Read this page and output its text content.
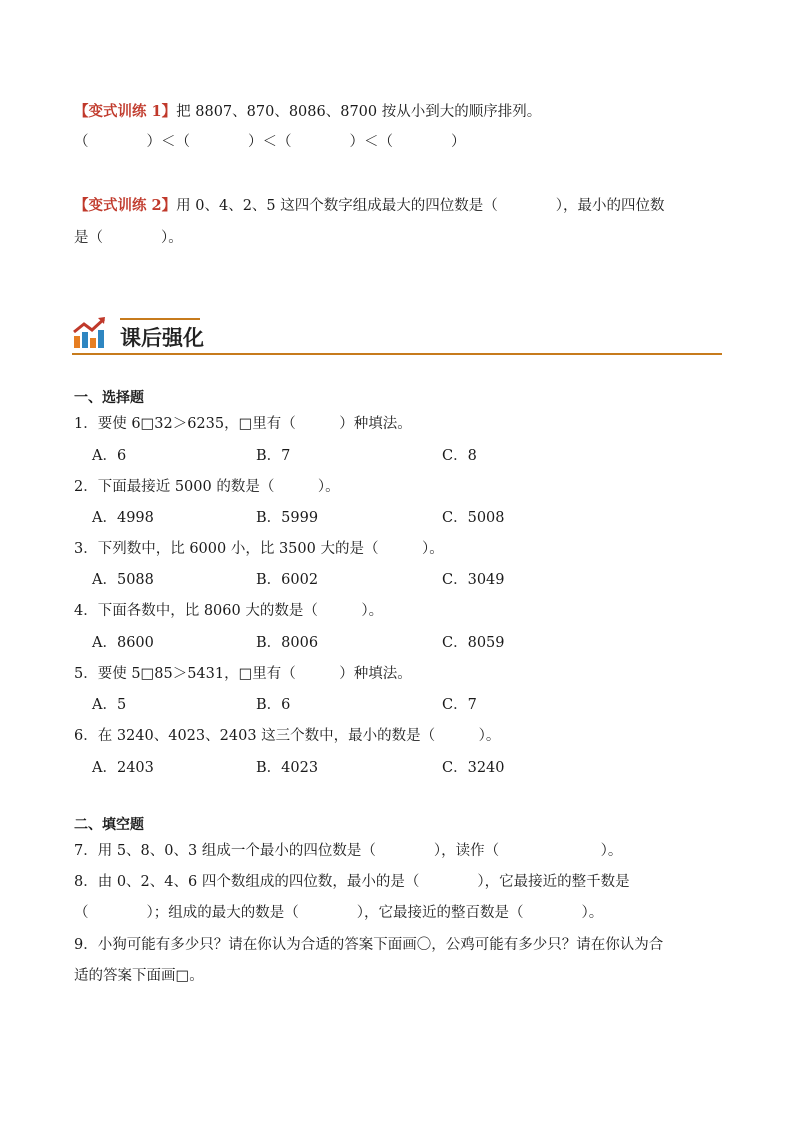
【变式训练 1】把 8807、870、8086、8700 按从小到大的顺序排列。
（　　　　）＜（　　　　）＜（　　　　）＜（　　　　）
【变式训练 2】用 0、4、2、5 这四个数字组成最大的四位数是（　　　　），最小的四位数
是（　　　　）。
课后强化
一、选择题
1．要使 6□32＞6235，□里有（　　　）种填法。
A．6	B．7	C．8
2．下面最接近 5000 的数是（　　　）。
A．4998	B．5999	C．5008
3．下列数中，比 6000 小，比 3500 大的是（　　　）。
A．5088	B．6002	C．3049
4．下面各数中，比 8060 大的数是（　　　）。
A．8600	B．8006	C．8059
5．要使 5□85＞5431，□里有（　　　）种填法。
A．5	B．6	C．7
6．在 3240、4023、2403 这三个数中，最小的数是（　　　）。
A．2403	B．4023	C．3240
二、填空题
7．用 5、8、0、3 组成一个最小的四位数是（　　　　），读作（　　　　　　　）。
8．由 0、2、4、6 四个数组成的四位数，最小的是（　　　　），它最接近的整千数是
（　　　　）；组成的最大的数是（　　　　），它最接近的整百数是（　　　　）。
9．小狗可能有多少只？请在你认为合适的答案下面画〇，公鸡可能有多少只？请在你认为合
适的答案下面画□。
